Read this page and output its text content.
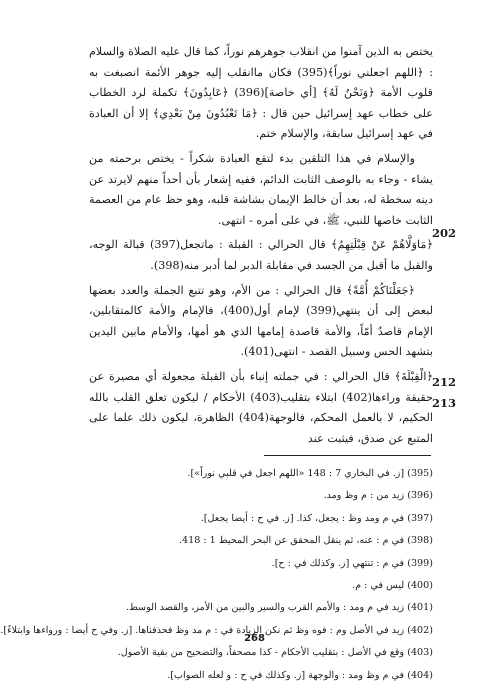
يختص به الذين آمنوا من انقلاب جوهرهم نوراً، كما قال عليه الصلاة والسلام : ﴿اللهم اجعلني نوراً﴾(395) فكان ماانقلب إليه جوهر الأئمة انصبغت به قلوب الأمة ﴿وَنَحْنُ لَهُ﴾ [أي خاصة](396) ﴿عَابِدُونَ﴾ تكملة لرد الخطاب على خطاب عهد إسرائيل حين قال : ﴿مَا تَعْبُدُونَ مِنْ بَعْدِي﴾ إلا أن العبادة في عهد إسرائيل سابقة، والإسلام ختم.

والإسلام في هذا التلقين بدء لتقع العبادة شكراً - يختص برحمته من يشاء - وجاء به بالوصف الثابت الدائم، ففيه إشعار بأن أحداً منهم لايرتد عن دينه سخطة له، بعد أن خالط الإيمان بشاشة قلبه، وهو حظ عام من العصمة الثابت خاصها للنبي، ﷺ، في على أمره - انتهى.

﴿مَاوَلَّاهُمْ عَنْ قِبْلَتِهِمُ﴾ قال الحرالي : القبلة : ماتجعل(397) قبالة الوجه، والقبل ما أقبل من الجسد في مقابلة الدبر لما أدبر منه(398).

﴿جَعَلْنَاكُمْ أُمَّةً﴾ قال الحرالي : من الأم، وهو تتبع الجملة والعدد بعضها لبعض إلى أن ينتهي(399) لإمام أول(400)، فالإمام والأمة كالمتقابلين، الإمام قاصدٌ أمّاً، والأمة قاصدة إمامها الذي هو أمها، والأمام مابين اليدين بتشهد الحس وسبيل القصد - انتهى(401).

﴿الْقِبْلَةَ﴾ قال الحرالي : في جملته إنباء بأن القبلة مجعولة أي مصيرة عن حقيقة وراءها(402) ابتلاء بتقليب(403) الأحكام / ليكون تعلق القلب بالله الحكيم، لا بالعمل المحكم، فالوجهة(404) الظاهرة، ليكون ذلك علما على المتبع عن صدق، فيثبت عند

202
212
213
(395) [ز. في البخاري 7 : 148 «اللهم اجعل في قلبي نوراً»].
(396) زيد من : م وظ ومد.
(397) في م ومد وظ : يجعل، كذا. [ز. في ح : أيضا يجعل].
(398) في م : عنه، ثم ينقل المحقق عن البحر المحيط 1 : 418.
(399) في م : تنتهي [ز. وكذلك في : ح].
(400) ليس في : م.
(401) زيد في م ومد : والأمم القرب والسير والبين من الأمر، والقصد الوسط.
(402) زيد في الأصل وم : فوه وظ ثم نكن الزيادة في : م مد وظ فحذفناها. [ز. وفي ح أيضا : ورواءها وابتلاءً].
(403) وقع في الأصل : بتقليب الأحكام - كذا مصحفاً، والتصحيح من بقية الأصول.
(404) في م وظ ومد : والوجهة [ز. وكذلك في ح : و لعله الصواب].
268
